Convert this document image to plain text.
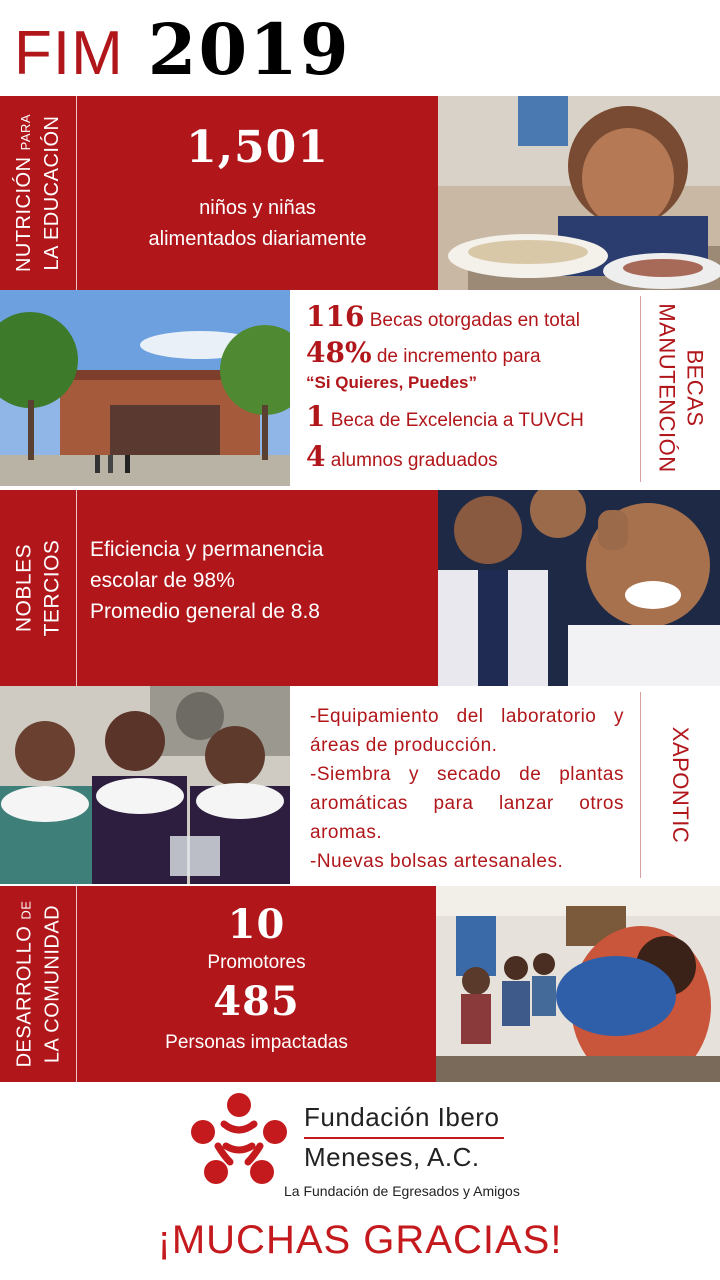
FIM 2019
NUTRICIÓN PARA LA EDUCACIÓN	1,501
niños y niñas
alimentados diariamente
116 Becas otorgadas en total
48% de incremento para
“Si Quieres, Puedes”
1 Beca de Excelencia a TUVCH
4 alumnos graduados
BECAS
MANUTENCIÓN
NOBLES TERCIOS Eficiencia y permanencia
escolar de 98%
Promedio general de 8.8
-Equipamiento del laboratorio y áreas de producción.
-Siembra y secado de plantas aromáticas para lanzar otros aromas.
-Nuevas bolsas artesanales.
XAPONTIC
DESARROLLO DE LA COMUNIDAD	10
Promotores
485
Personas impactadas
Fundación Ibero
Meneses, A.C.
La Fundación de Egresados y Amigos
¡MUCHAS GRACIAS!
